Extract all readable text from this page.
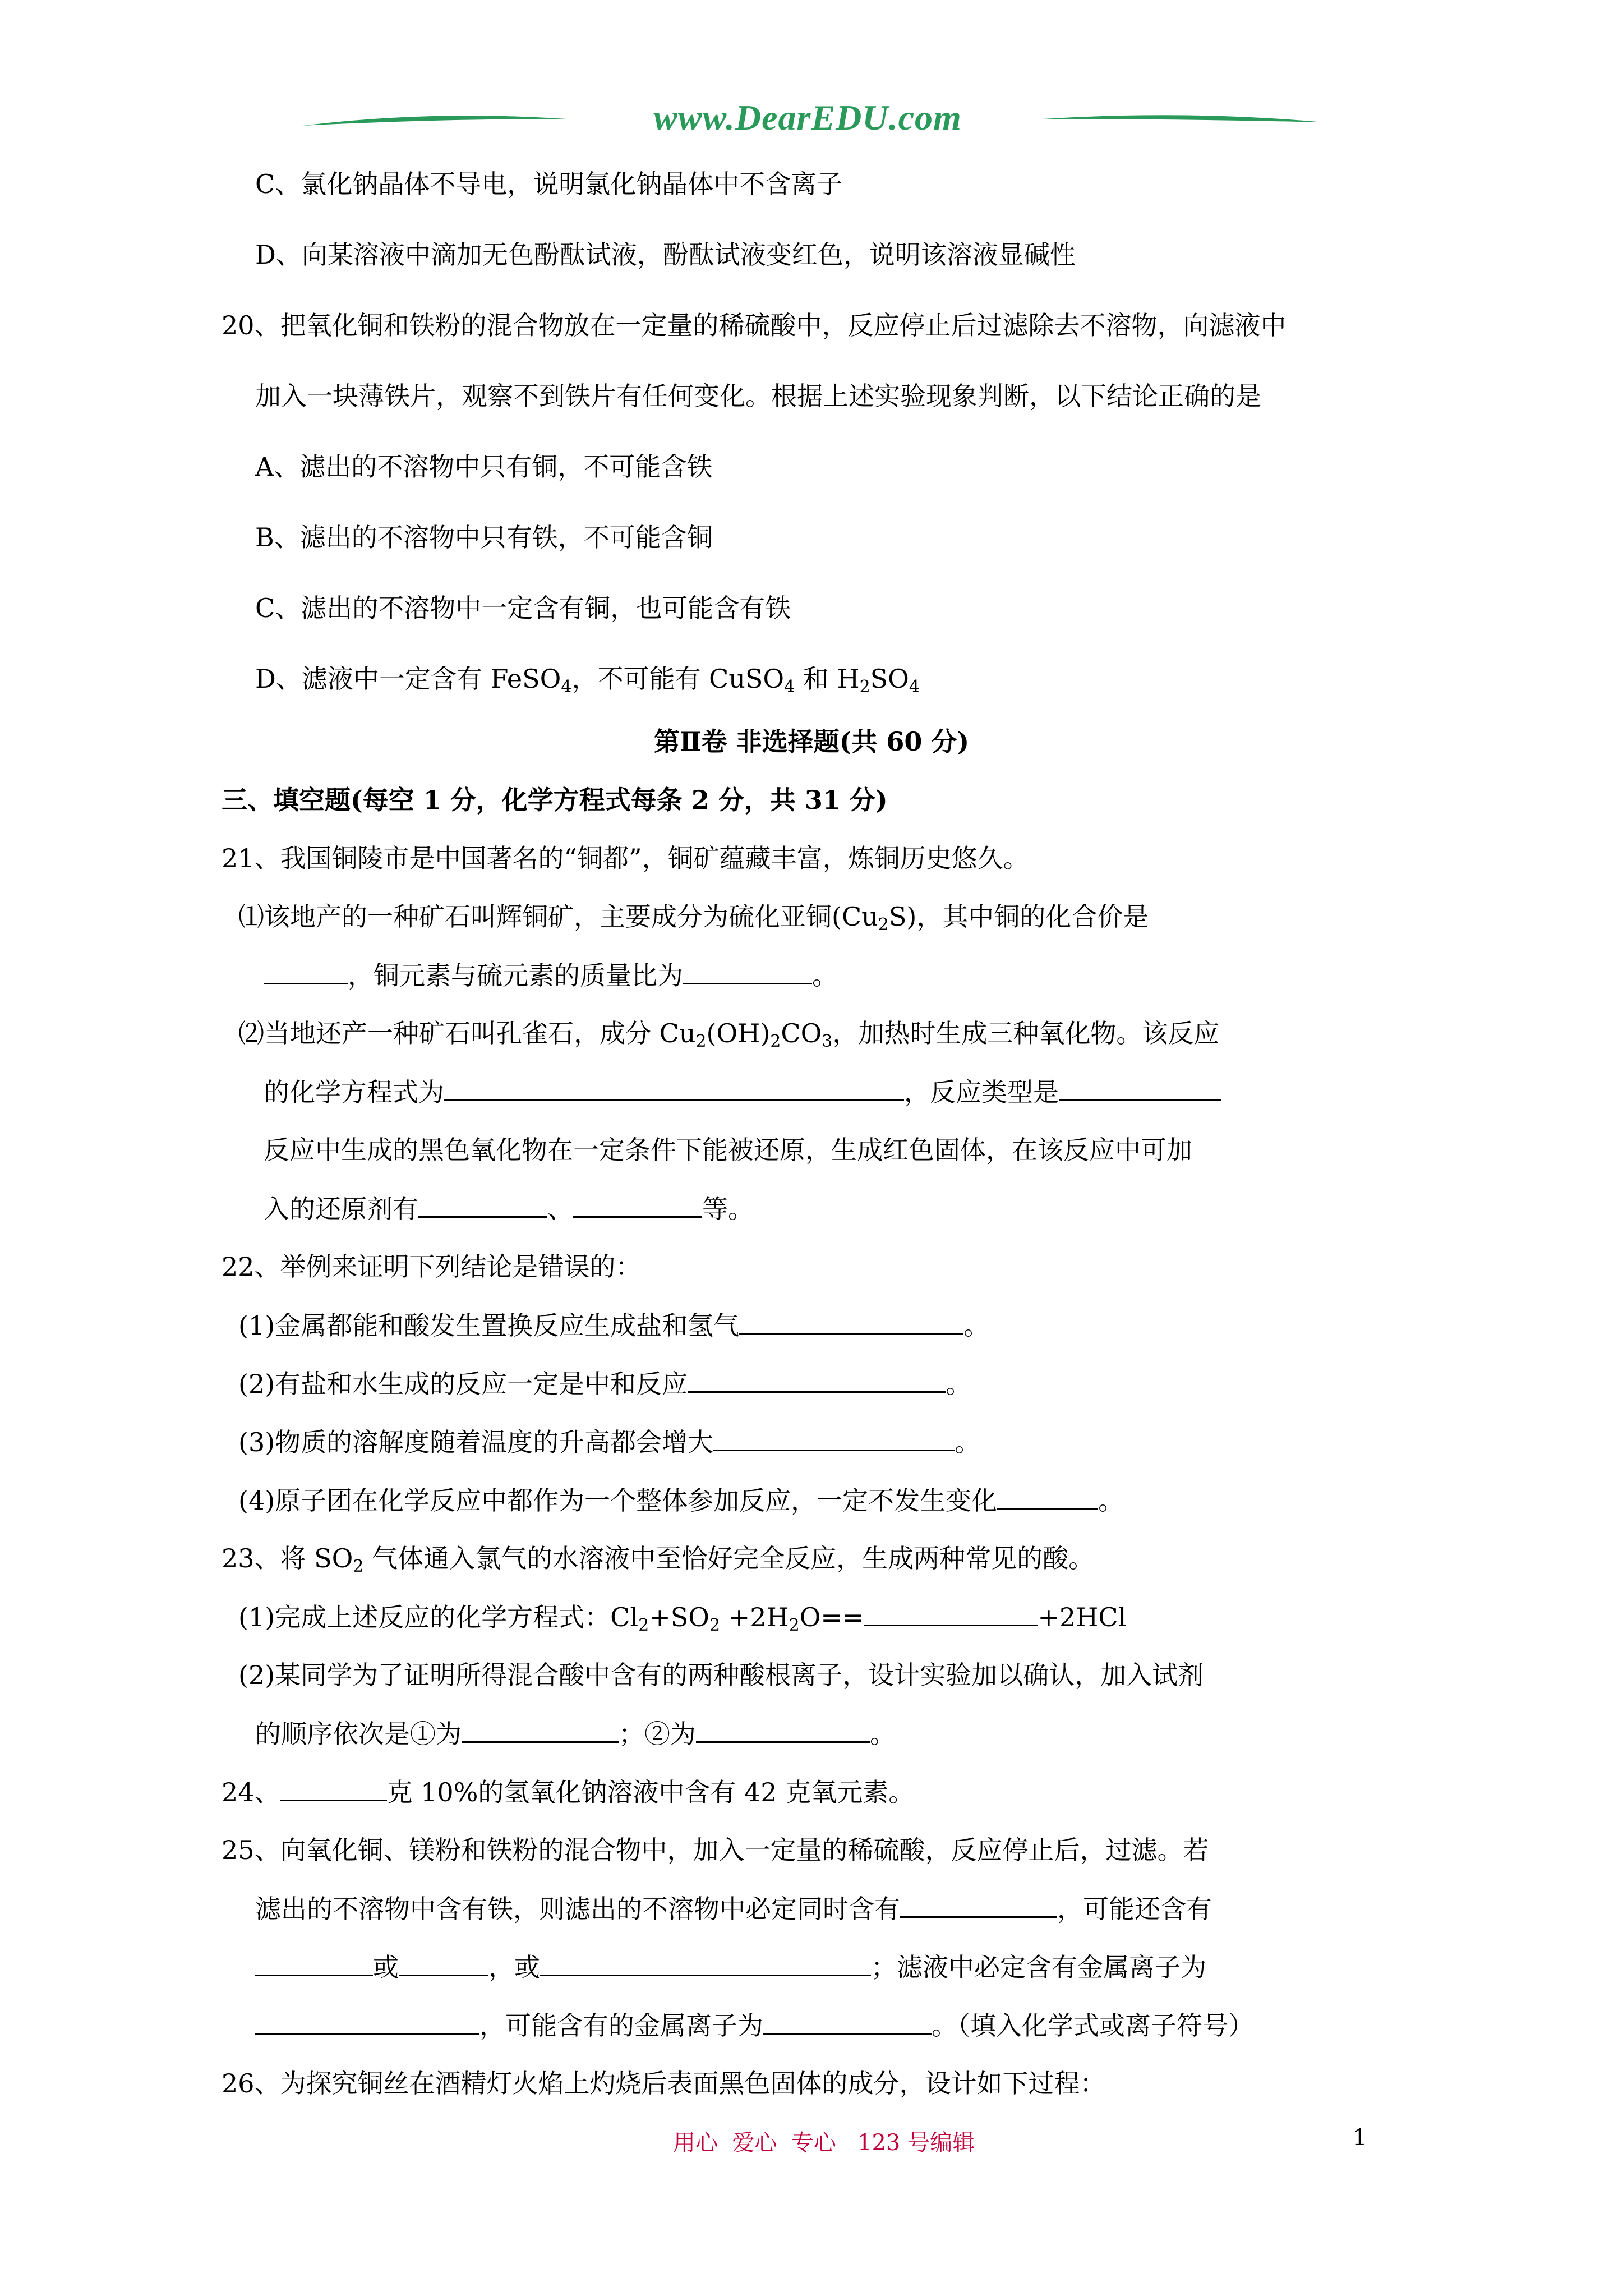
www.DearEDU.com
C、氯化钠晶体不导电，说明氯化钠晶体中不含离子
D、向某溶液中滴加无色酚酞试液，酚酞试液变红色，说明该溶液显碱性
20、把氧化铜和铁粉的混合物放在一定量的稀硫酸中，反应停止后过滤除去不溶物，向滤液中
加入一块薄铁片，观察不到铁片有任何变化。根据上述实验现象判断，以下结论正确的是
A、滤出的不溶物中只有铜，不可能含铁
B、滤出的不溶物中只有铁，不可能含铜
C、滤出的不溶物中一定含有铜，也可能含有铁
D、滤液中一定含有 FeSO$_4$，不可能有 CuSO$_4$ 和 $H_2SO_4$
第Ⅱ卷 非选择题(共 60 分)
三、填空题(每空 1 分，化学方程式每条 2 分，共 31 分)
21、我国铜陵市是中国著名的“铜都”，铜矿蕴藏丰富，炼铜历史悠久。
⑴该地产的一种矿石叫辉铜矿，主要成分为硫化亚铜$(Cu_2S)$，其中铜的化合价是
，铜元素与硫元素的质量比为	。
⑵当地还产一种矿石叫孔雀石，成分 $Cu_2(OH)_2CO_3$，加热时生成三种氧化物。该反应
的化学方程式为	，反应类型是
反应中生成的黑色氧化物在一定条件下能被还原，生成红色固体，在该反应中可加
入的还原剂有	、	等。
22、举例来证明下列结论是错误的：
(1)金属都能和酸发生置换反应生成盐和氢气	。
(2)有盐和水生成的反应一定是中和反应	。
(3)物质的溶解度随着温度的升高都会增大	。
(4)原子团在化学反应中都作为一个整体参加反应，一定不发生变化	。
23、将 $SO_2$ 气体通入氯气的水溶液中至恰好完全反应，生成两种常见的酸。
(1)完成上述反应的化学方程式：$Cl_2+SO_2 +2H_2O==$	+2HCl
(2)某同学为了证明所得混合酸中含有的两种酸根离子，设计实验加以确认，加入试剂
的顺序依次是①为	；②为	。
24、	克 10%的氢氧化钠溶液中含有 42 克氧元素。
25、向氧化铜、镁粉和铁粉的混合物中，加入一定量的稀硫酸，反应停止后，过滤。若
滤出的不溶物中含有铁，则滤出的不溶物中必定同时含有	，可能还含有
或	，或	；滤液中必定含有金属离子为
，可能含有的金属离子为	。（填入化学式或离子符号）
26、为探究铜丝在酒精灯火焰上灼烧后表面黑色固体的成分，设计如下过程：
用心  爱心  专心   123 号编辑	1
